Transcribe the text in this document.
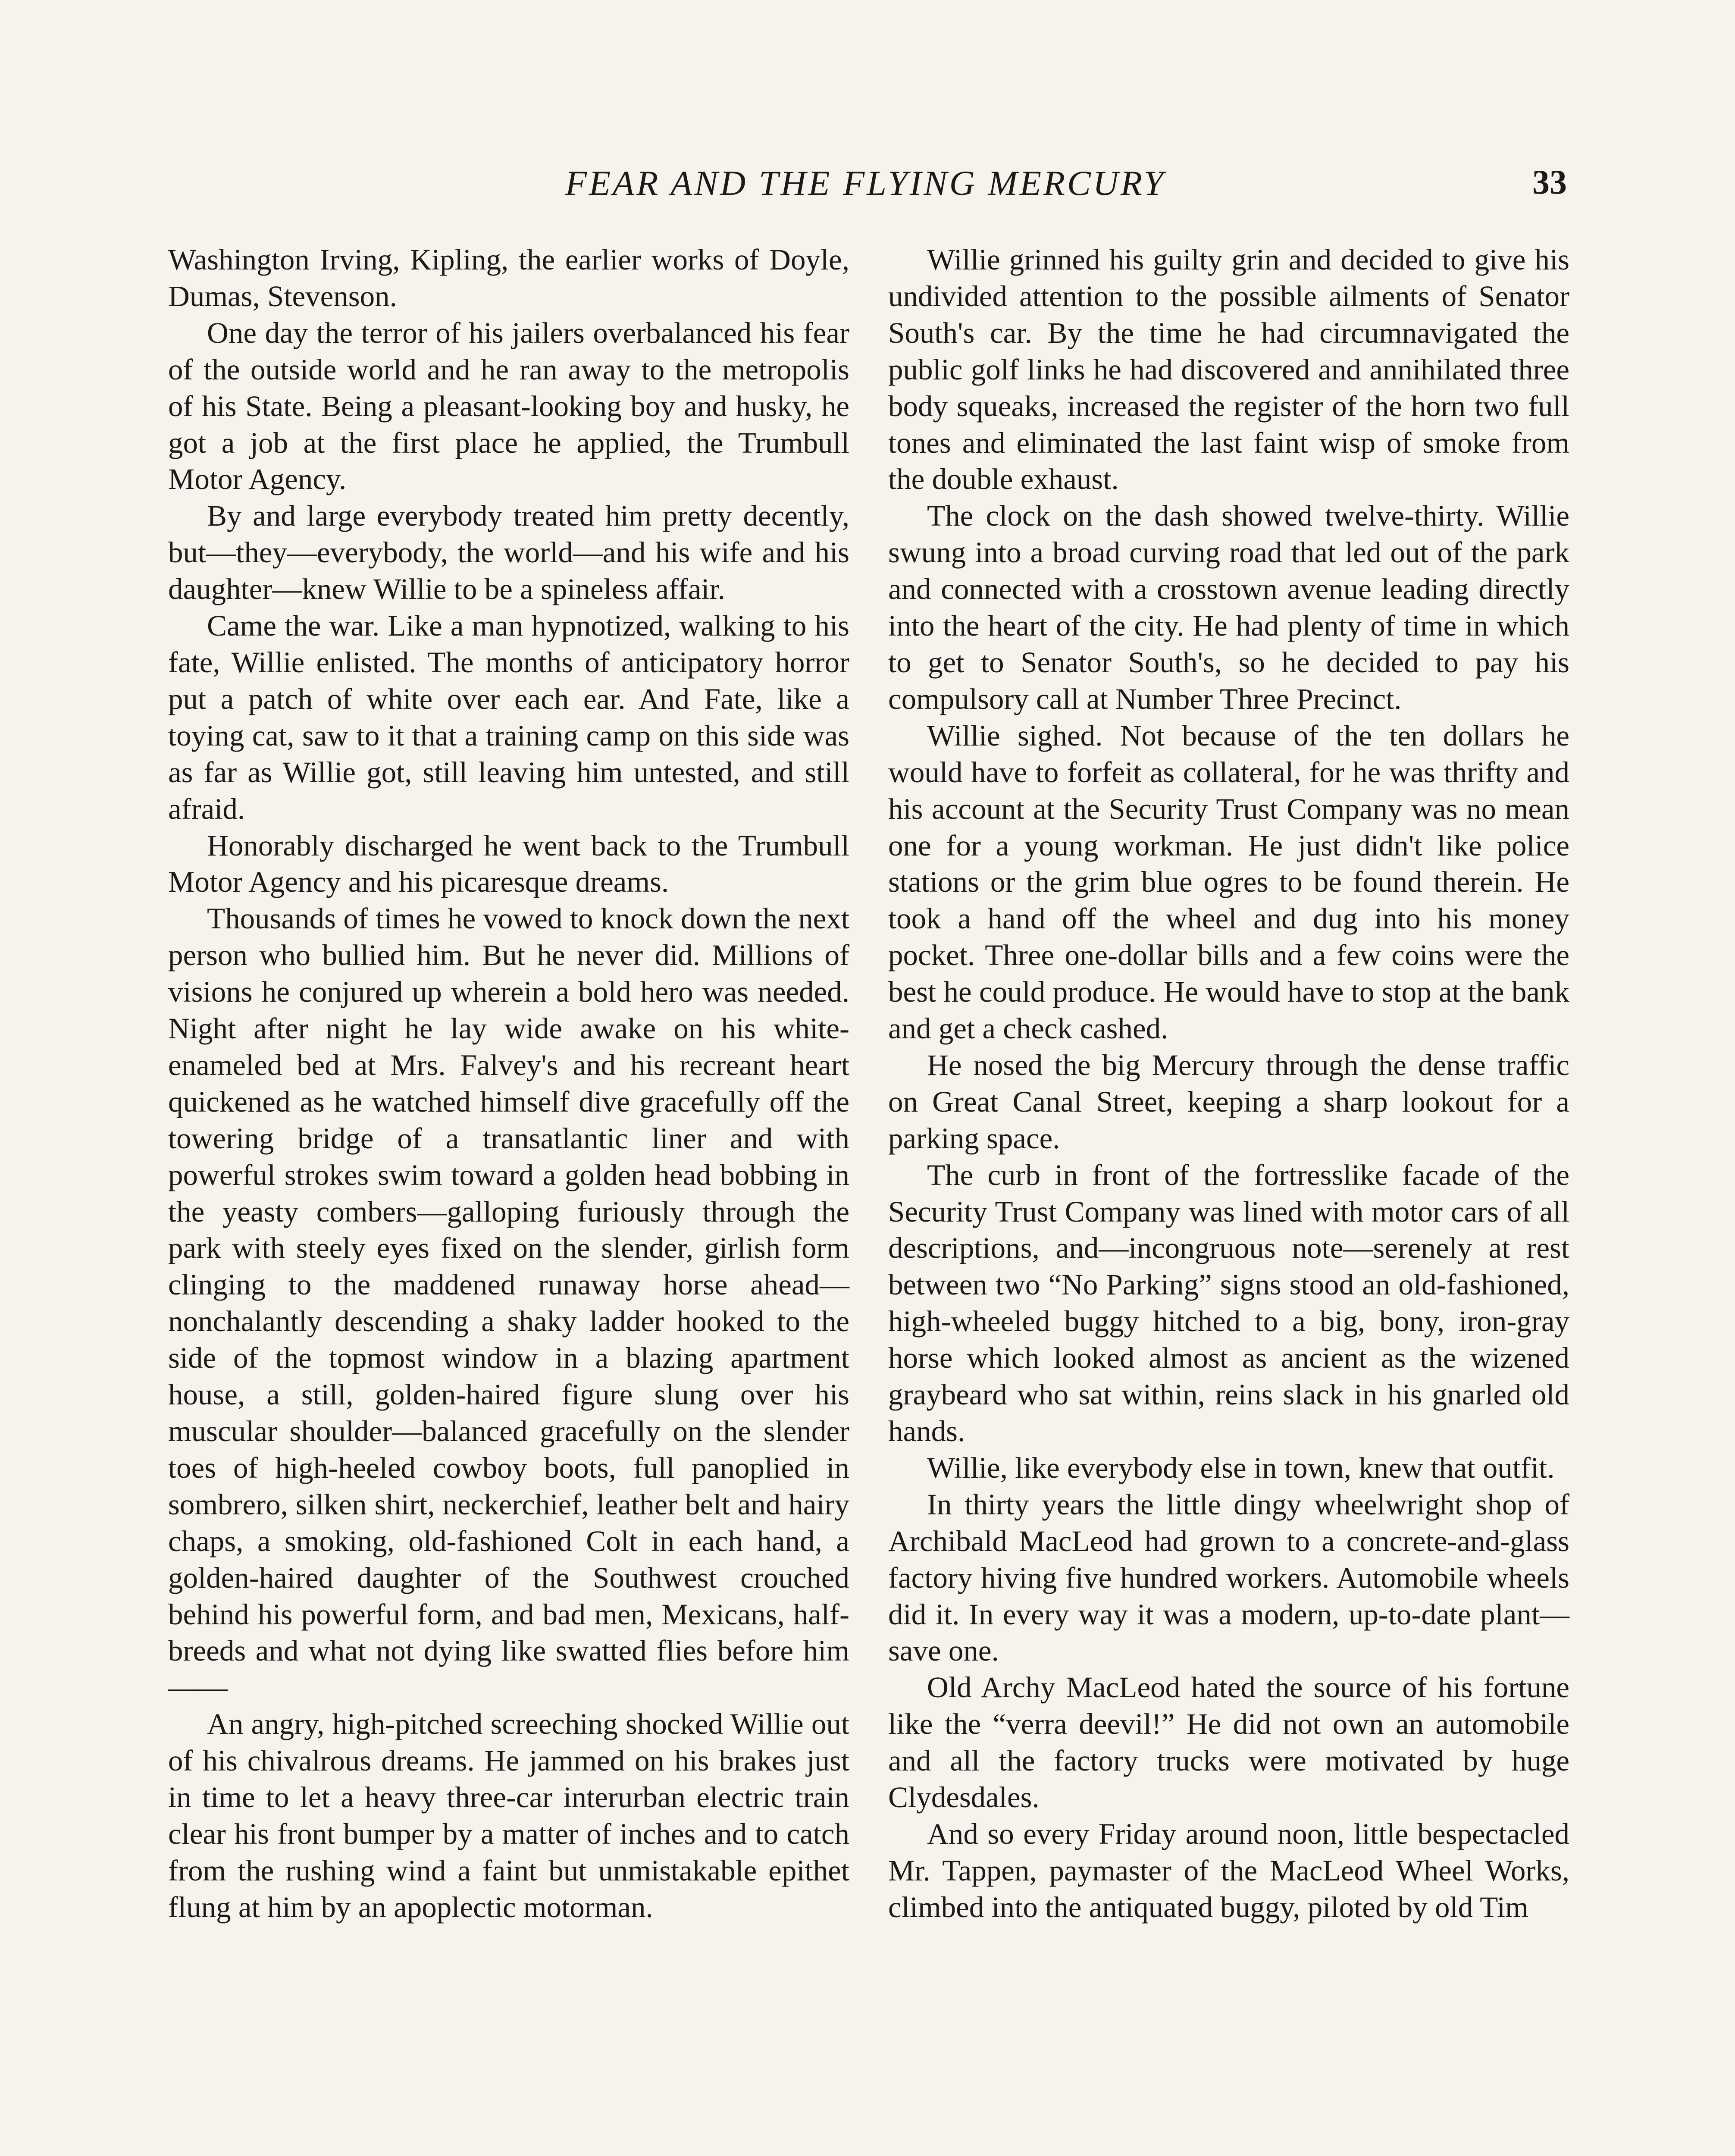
FEAR AND THE FLYING MERCURY	33

Washington Irving, Kipling, the earlier works of Doyle, Dumas, Stevenson.

One day the terror of his jailers overbalanced his fear of the outside world and he ran away to the metropolis of his State. Being a pleasant-looking boy and husky, he got a job at the first place he applied, the Trumbull Motor Agency.

By and large everybody treated him pretty decently, but—they—everybody, the world—and his wife and his daughter—knew Willie to be a spineless affair.

Came the war. Like a man hypnotized, walking to his fate, Willie enlisted. The months of anticipatory horror put a patch of white over each ear. And Fate, like a toying cat, saw to it that a training camp on this side was as far as Willie got, still leaving him untested, and still afraid.

Honorably discharged he went back to the Trumbull Motor Agency and his picaresque dreams.

Thousands of times he vowed to knock down the next person who bullied him. But he never did. Millions of visions he conjured up wherein a bold hero was needed. Night after night he lay wide awake on his white-enameled bed at Mrs. Falvey's and his recreant heart quickened as he watched himself dive gracefully off the towering bridge of a transatlantic liner and with powerful strokes swim toward a golden head bobbing in the yeasty combers—galloping furiously through the park with steely eyes fixed on the slender, girlish form clinging to the maddened runaway horse ahead—nonchalantly descending a shaky ladder hooked to the side of the topmost window in a blazing apartment house, a still, golden-haired figure slung over his muscular shoulder—balanced gracefully on the slender toes of high-heeled cowboy boots, full panoplied in sombrero, silken shirt, neckerchief, leather belt and hairy chaps, a smoking, old-fashioned Colt in each hand, a golden-haired daughter of the Southwest crouched behind his powerful form, and bad men, Mexicans, half-breeds and what not dying like swatted flies before him——

An angry, high-pitched screeching shocked Willie out of his chivalrous dreams. He jammed on his brakes just in time to let a heavy three-car interurban electric train clear his front bumper by a matter of inches and to catch from the rushing wind a faint but unmistakable epithet flung at him by an apoplectic motorman.

Willie grinned his guilty grin and decided to give his undivided attention to the possible ailments of Senator South's car. By the time he had circumnavigated the public golf links he had discovered and annihilated three body squeaks, increased the register of the horn two full tones and eliminated the last faint wisp of smoke from the double exhaust.

The clock on the dash showed twelve-thirty. Willie swung into a broad curving road that led out of the park and connected with a crosstown avenue leading directly into the heart of the city. He had plenty of time in which to get to Senator South's, so he decided to pay his compulsory call at Number Three Precinct.

Willie sighed. Not because of the ten dollars he would have to forfeit as collateral, for he was thrifty and his account at the Security Trust Company was no mean one for a young workman. He just didn't like police stations or the grim blue ogres to be found therein. He took a hand off the wheel and dug into his money pocket. Three one-dollar bills and a few coins were the best he could produce. He would have to stop at the bank and get a check cashed.

He nosed the big Mercury through the dense traffic on Great Canal Street, keeping a sharp lookout for a parking space.

The curb in front of the fortresslike facade of the Security Trust Company was lined with motor cars of all descriptions, and—incongruous note—serenely at rest between two “No Parking” signs stood an old-fashioned, high-wheeled buggy hitched to a big, bony, iron-gray horse which looked almost as ancient as the wizened graybeard who sat within, reins slack in his gnarled old hands.

Willie, like everybody else in town, knew that outfit.

In thirty years the little dingy wheelwright shop of Archibald MacLeod had grown to a concrete-and-glass factory hiving five hundred workers. Automobile wheels did it. In every way it was a modern, up-to-date plant—save one.

Old Archy MacLeod hated the source of his fortune like the “verra deevil!” He did not own an automobile and all the factory trucks were motivated by huge Clydesdales.

And so every Friday around noon, little bespectacled Mr. Tappen, paymaster of the MacLeod Wheel Works, climbed into the antiquated buggy, piloted by old Tim
